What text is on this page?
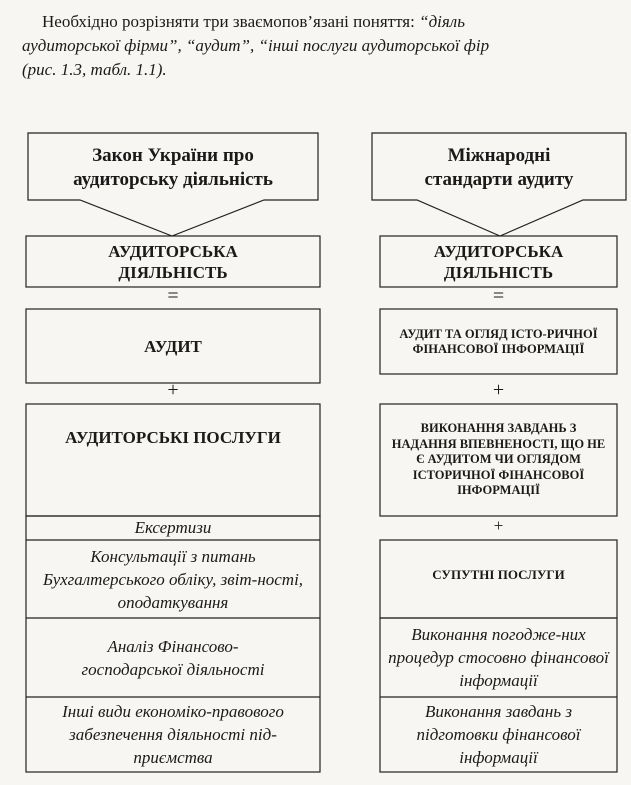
Необхідно розрізняти три звaємопов’язані поняття: “діяль

аудиторської фірми”, “аудит”, “інші послуги аудиторської фір

(рис. 1.3, табл. 1.1).

Закон України про аудиторську діяльність
АУДИТОРСЬКА ДІЯЛЬНІСТЬ
=
АУДИТ
+
АУДИТОРСЬКІ ПОСЛУГИ
Ексертизи
Консультації з питань Бухгалтерського обліку, звіт-ності, оподаткування
Аналіз Фінансово-господарської діяльності
Інші види економіко-правового забезпечення діяльності під-приємства
Міжнародні стандарти аудиту
АУДИТОРСЬКА ДІЯЛЬНІСТЬ
=
АУДИТ ТА ОГЛЯД ІСТО-РИЧНОЇ ФІНАНСОВОЇ ІНФОРМАЦІЇ
+
ВИКОНАННЯ ЗАВДАНЬ З НАДАННЯ ВПЕВНЕНОСТІ, ЩО НЕ Є АУДИТОМ ЧИ ОГЛЯДОМ ІСТОРИЧНОЇ ФІНАНСОВОЇ ІНФОРМАЦІЇ
+
СУПУТНІ ПОСЛУГИ
Виконання погодже-них процедур стосовно фінансової інформації
Виконання завдань з підготовки фінансової інформації
